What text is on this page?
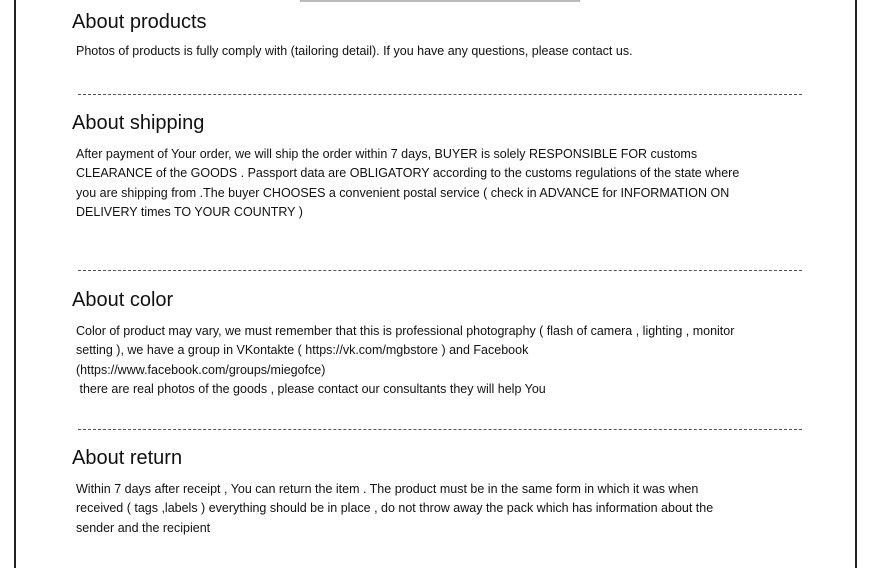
About products

Photos of products is fully comply with (tailoring detail). If you have any questions, please contact us.

About shipping

After payment of Your order, we will ship the order within 7 days, BUYER is solely RESPONSIBLE FOR customs
CLEARANCE of the GOODS . Passport data are OBLIGATORY according to the customs regulations of the state where
you are shipping from .The buyer CHOOSES a convenient postal service ( check in ADVANCE for INFORMATION ON
DELIVERY times TO YOUR COUNTRY )

About color

Color of product may vary, we must remember that this is professional photography ( flash of camera , lighting , monitor
setting ), we have a group in VKontakte ( https://vk.com/mgbstore ) and Facebook
(https://www.facebook.com/groups/miegofce)
there are real photos of the goods , please contact our consultants they will help You

About return

Within 7 days after receipt , You can return the item . The product must be in the same form in which it was when
received ( tags ,labels ) everything should be in place , do not throw away the pack which has information about the
sender and the recipient
